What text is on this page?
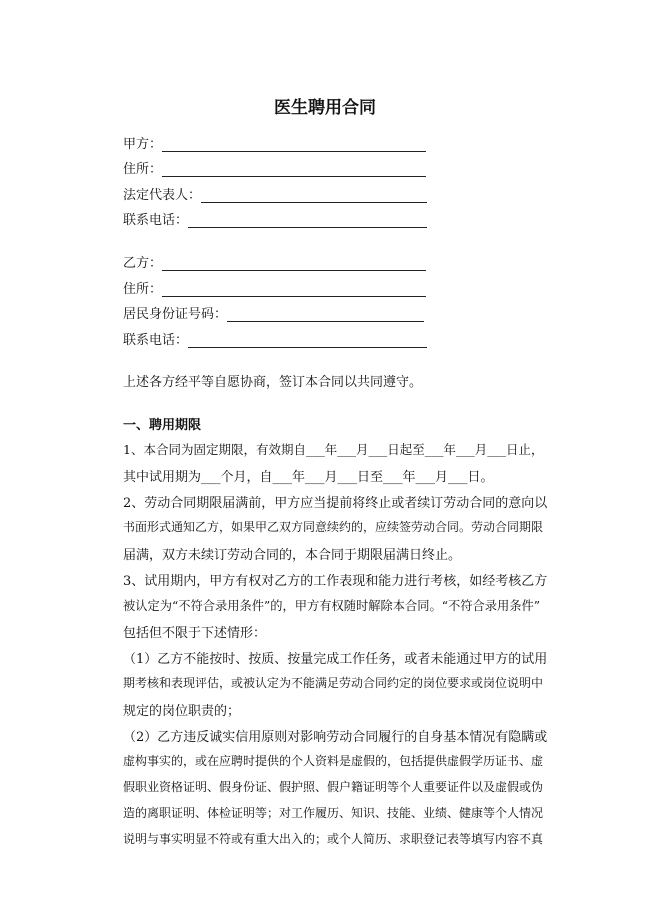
医生聘用合同
甲方：
住所：
法定代表人：
联系电话：
乙方：
住所：
居民身份证号码：
联系电话：
上述各方经平等自愿协商，签订本合同以共同遵守。
一、聘用期限
1、本合同为固定期限，有效期自___年___月___日起至___年___月___日止，
其中试用期为___个月，自___年___月___日至___年___月___日。
2、劳动合同期限届满前，甲方应当提前将终止或者续订劳动合同的意向以
书面形式通知乙方，如果甲乙双方同意续约的，应续签劳动合同。劳动合同期限
届满，双方未续订劳动合同的，本合同于期限届满日终止。
3、试用期内，甲方有权对乙方的工作表现和能力进行考核，如经考核乙方
被认定为“不符合录用条件”的，甲方有权随时解除本合同。“不符合录用条件”
包括但不限于下述情形：
（1）乙方不能按时、按质、按量完成工作任务，或者未能通过甲方的试用
期考核和表现评估，或被认定为不能满足劳动合同约定的岗位要求或岗位说明中
规定的岗位职责的；
（2）乙方违反诚实信用原则对影响劳动合同履行的自身基本情况有隐瞒或
虚构事实的，或在应聘时提供的个人资料是虚假的，包括提供虚假学历证书、虚
假职业资格证明、假身份证、假护照、假户籍证明等个人重要证件以及虚假或伪
造的离职证明、体检证明等；对工作履历、知识、技能、业绩、健康等个人情况
说明与事实明显不符或有重大出入的；或个人简历、求职登记表等填写内容不真
